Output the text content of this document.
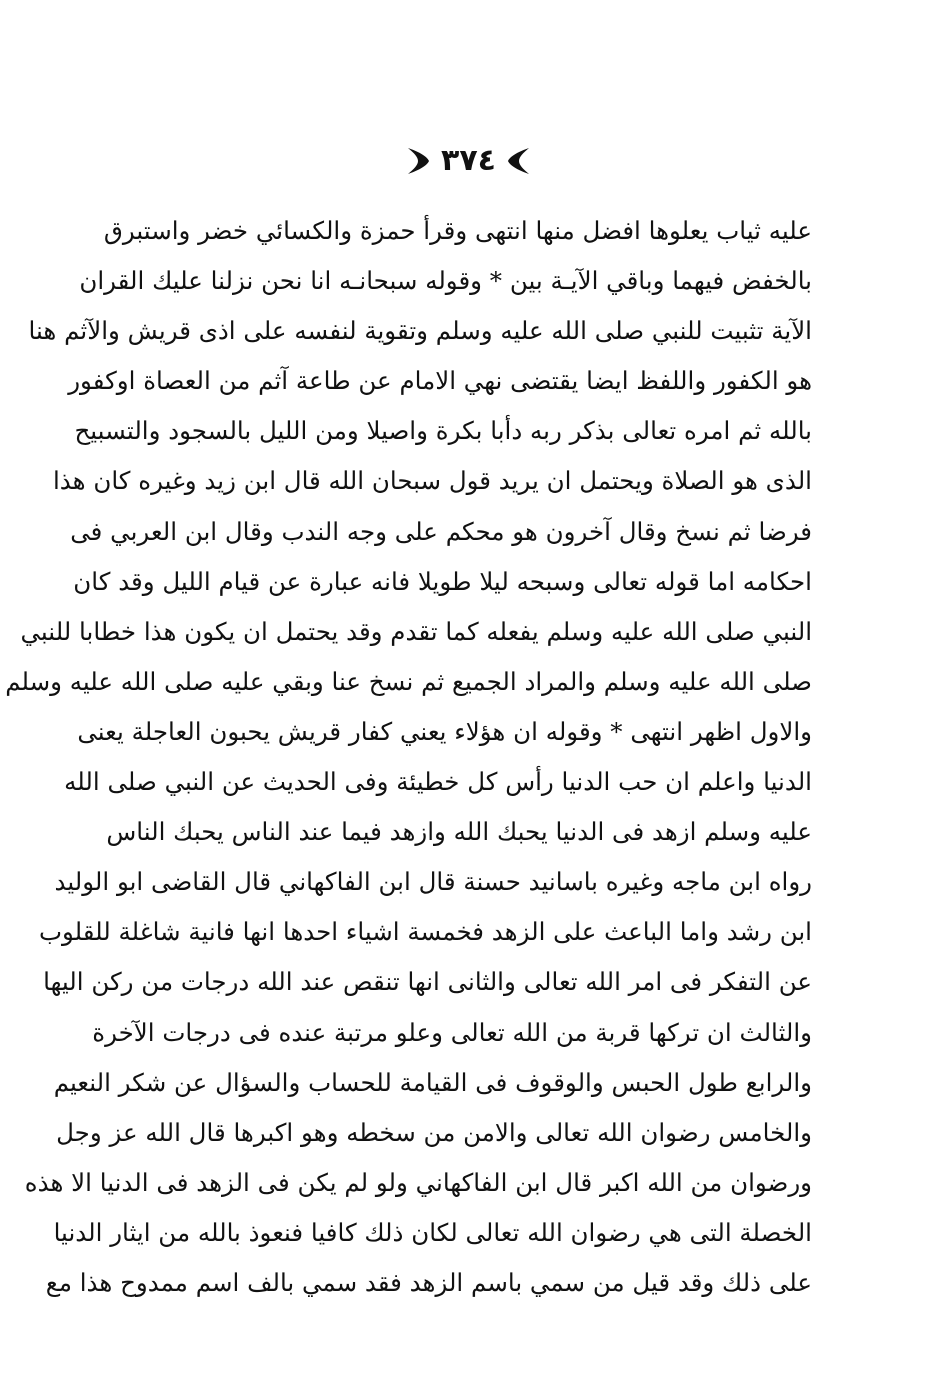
٣٧٤
عليه ثياب يعلوها افضل منها انتهى وقرأ حمزة والكسائي خضر واستبرق
بالخفض فيهما وباقي الآيـة بين * وقوله سبحانـه انا نحن نزلنا عليك القران
الآية تثبيت للنبي صلى الله عليه وسلم وتقوية لنفسه على اذى قريش والآثم هنا
هو الكفور واللفظ ايضا يقتضى نهي الامام عن طاعة آثم من العصاة اوكفور
بالله ثم امره تعالى بذكر ربه دأبا بكرة واصيلا ومن الليل بالسجود والتسبيح
الذى هو الصلاة ويحتمل ان يريد قول سبحان الله قال ابن زيد وغيره كان هذا
فرضا ثم نسخ وقال آخرون هو محكم على وجه الندب وقال ابن العربي فى
احكامه اما قوله تعالى وسبحه ليلا طويلا فانه عبارة عن قيام الليل وقد كان
النبي صلى الله عليه وسلم يفعله كما تقدم وقد يحتمل ان يكون هذا خطابا للنبي
صلى الله عليه وسلم والمراد الجميع ثم نسخ عنا وبقي عليه صلى الله عليه وسلم
والاول اظهر انتهى * وقوله ان هؤلاء يعني كفار قريش يحبون العاجلة يعنى
الدنيا واعلم ان حب الدنيا رأس كل خطيئة وفى الحديث عن النبي صلى الله
عليه وسلم ازهد فى الدنيا يحبك الله وازهد فيما عند الناس يحبك الناس
رواه ابن ماجه وغيره باسانيد حسنة قال ابن الفاكهاني قال القاضى ابو الوليد
ابن رشد واما الباعث على الزهد فخمسة اشياء احدها انها فانية شاغلة للقلوب
عن التفكر فى امر الله تعالى والثانى انها تنقص عند الله درجات من ركن اليها
والثالث ان تركها قربة من الله تعالى وعلو مرتبة عنده فى درجات الآخرة
والرابع طول الحبس والوقوف فى القيامة للحساب والسؤال عن شكر النعيم
والخامس رضوان الله تعالى والامن من سخطه وهو اكبرها قال الله عز وجل
ورضوان من الله اكبر قال ابن الفاكهاني ولو لم يكن فى الزهد فى الدنيا الا هذه
الخصلة التى هي رضوان الله تعالى لكان ذلك كافيا فنعوذ بالله من ايثار الدنيا
على ذلك وقد قيل من سمي باسم الزهد فقد سمي بالف اسم ممدوح هذا مع
